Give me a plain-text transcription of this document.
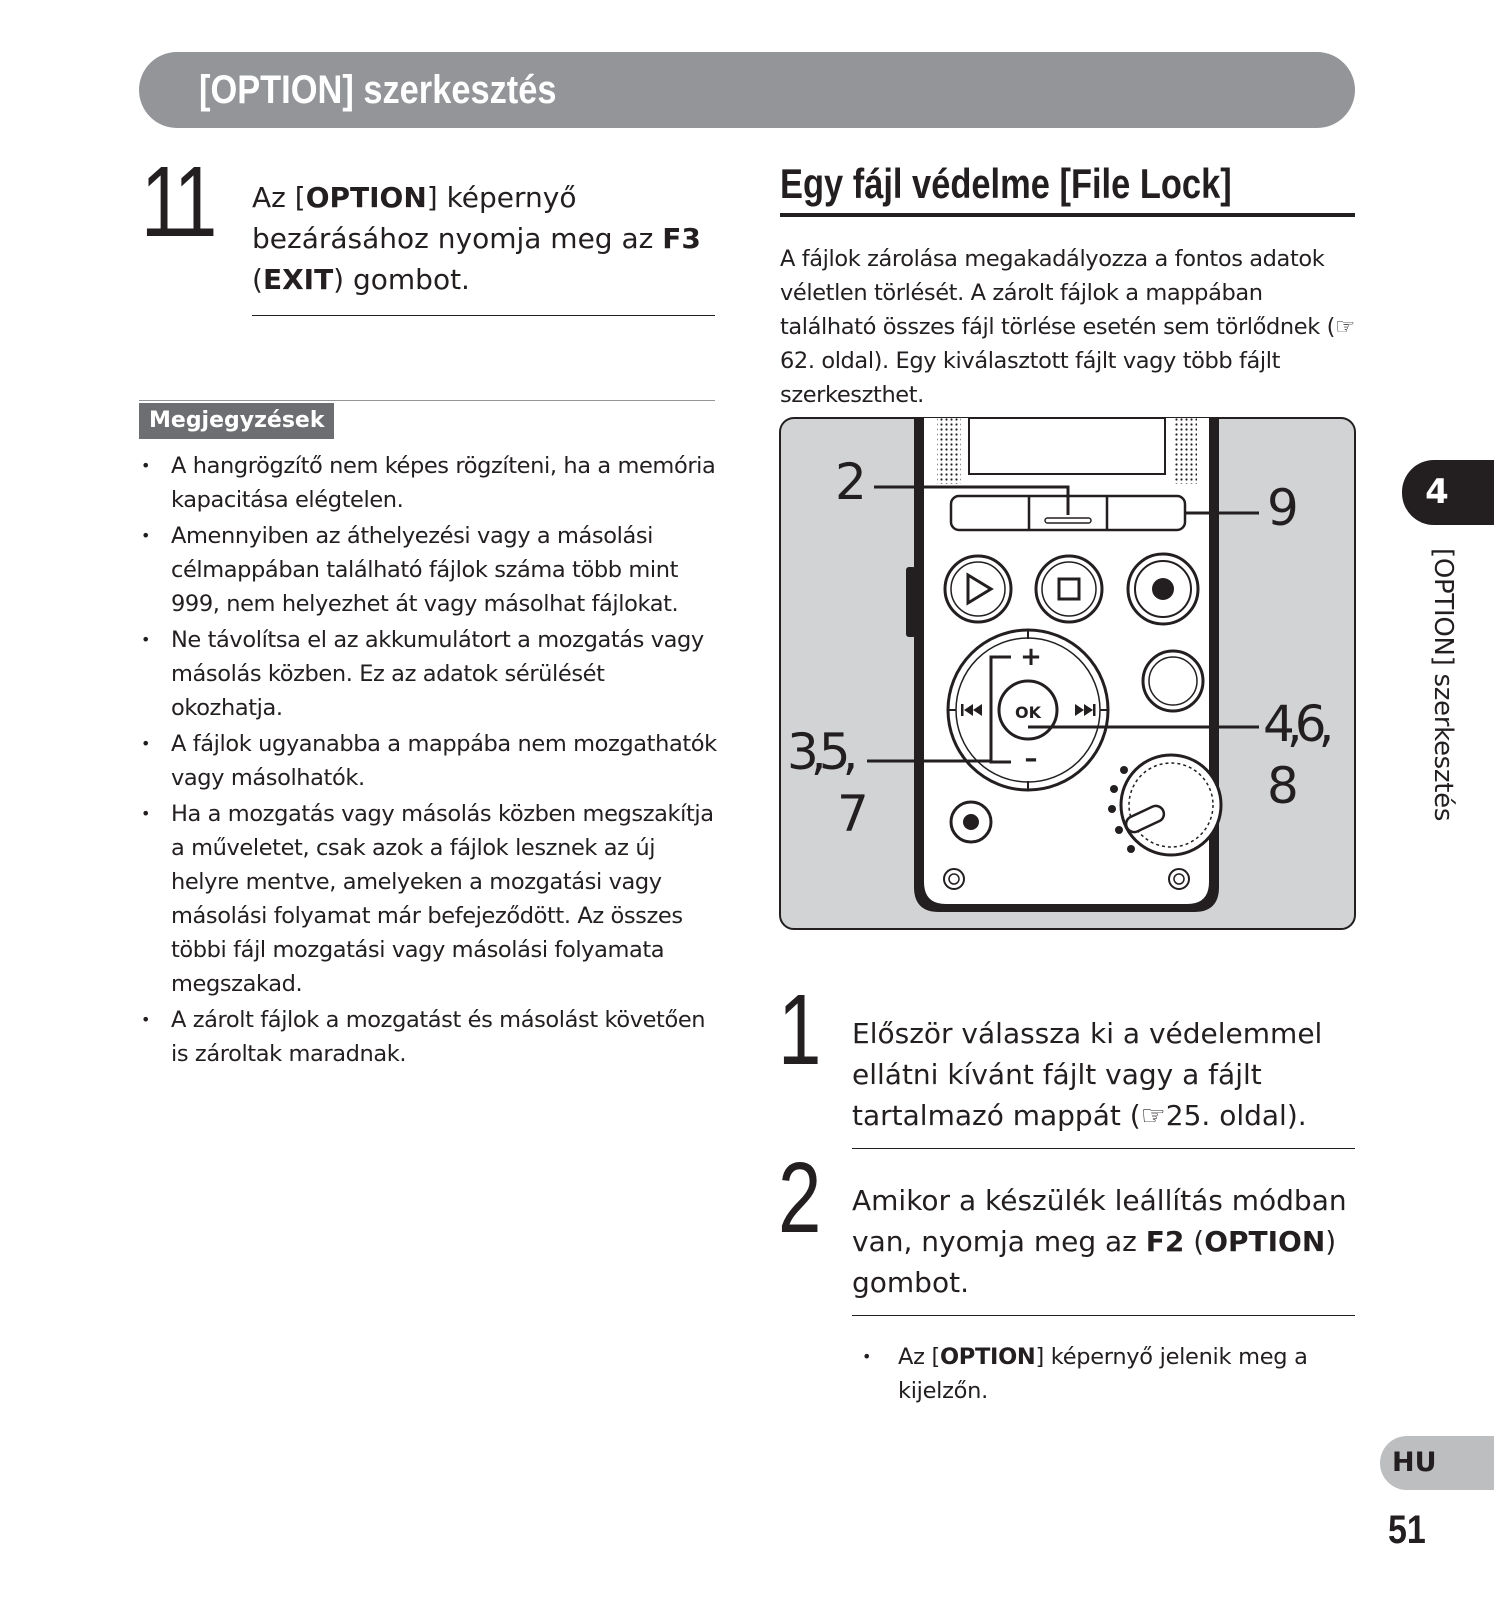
[OPTION] szerkesztés
11 Az [OPTION] képernyő
bezárásához nyomja meg az F3
(EXIT) gombot.
Megjegyzések
• A hangrögzítő nem képes rögzíteni, ha a memória kapacitása elégtelen.
• Amennyiben az áthelyezési vagy a másolási célmappában található fájlok száma több mint 999, nem helyezhet át vagy másolhat fájlokat.
• Ne távolítsa el az akkumulátort a mozgatás vagy másolás közben. Ez az adatok sérülését okozhatja.
• A fájlok ugyanabba a mappába nem mozgathatók vagy másolhatók.
• Ha a mozgatás vagy másolás közben megszakítja a műveletet, csak azok a fájlok lesznek az új helyre mentve, amelyeken a mozgatási vagy másolási folyamat már befejeződött. Az összes többi fájl mozgatási vagy másolási folyamata megszakad.
• A zárolt fájlok a mozgatást és másolást követően is zároltak maradnak.
Egy fájl védelme [File Lock]
A fájlok zárolása megakadályozza a fontos adatok véletlen törlését. A zárolt fájlok a mappában található összes fájl törlése esetén sem törlődnek (☞ 62. oldal). Egy kiválasztott fájlt vagy több fájlt szerkeszthet.
OK
+
–
2	9
3,5,
7
4,6,
8
1 Először válassza ki a védelemmel
ellátni kívánt fájlt vagy a fájlt
tartalmazó mappát (☞25. oldal).
2 Amikor a készülék leállítás módban
van, nyomja meg az F2 (OPTION)
gombot.
• Az [OPTION] képernyő jelenik meg a kijelzőn.
4
[OPTION] szerkesztés
HU
51
